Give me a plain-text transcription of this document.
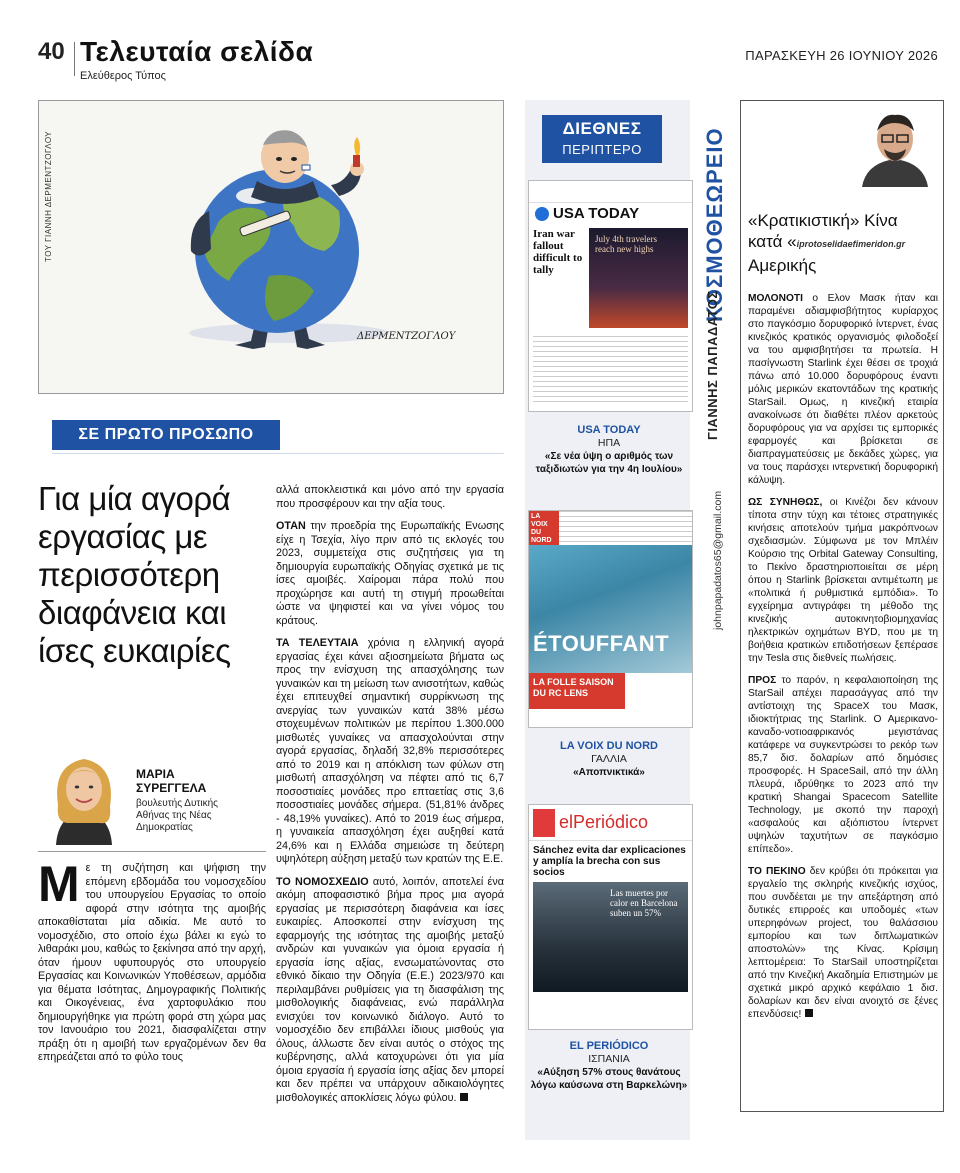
40 Τελευταία σελίδα
Ελεύθερος Τύπος
ΠΑΡΑΣΚΕΥΗ 26 ΙΟΥΝΙΟΥ 2026
ΔΕΡΜΕΝΤΖΟΓΛΟΥ
ΤΟΥ ΓΙΑΝΝΗ ΔΕΡΜΕΝΤΖΟΓΛΟΥ
ΣΕ ΠΡΩΤΟ ΠΡΟΣΩΠΟ
Για μία αγορά
εργασίας με
περισσότερη
διαφάνεια και
ίσες ευκαιρίες
ΜΑΡΙΑ
ΣΥΡΕΓΓΕΛΑ
βουλευτής Δυτικής Αθήνας της Νέας Δημοκρατίας
Με τη συζήτηση και ψήφιση την επόμενη εβδομάδα του νομοσχεδίου του υπουργείου Εργασίας το οποίο αφορά στην ισότητα της αμοιβής αποκαθίσταται μία αδικία. Με αυτό το νομοσχέδιο, στο οποίο έχω βάλει κι εγώ το λιθαράκι μου, καθώς το ξεκίνησα από την αρχή, όταν ήμουν υφυπουργός στο υπουργείο Εργασίας και Κοινωνικών Υποθέσεων, αρμόδια για θέματα Ισότητας, Δημογραφικής Πολιτικής και Οικογένειας, ένα χαρτοφυλάκιο που δημιουργήθηκε για πρώτη φορά στη χώρα μας τον Ιανουάριο του 2021, διασφαλίζεται στην πράξη ότι η αμοιβή των εργαζομένων δεν θα επηρεάζεται από το φύλο τους

αλλά αποκλειστικά και μόνο από την εργασία που προσφέρουν και την αξία τους.

ΟΤΑΝ την προεδρία της Ευρωπαϊκής Ενωσης είχε η Τσεχία, λίγο πριν από τις εκλογές του 2023, συμμετείχα στις συζητήσεις για τη δημιουργία ευρωπαϊκής Οδηγίας σχετικά με τις ίσες αμοιβές. Χαίρομαι πάρα πολύ που προχώρησε και αυτή τη στιγμή προωθείται ώστε να ψηφιστεί και να γίνει νόμος του κράτους.

ΤΑ ΤΕΛΕΥΤΑΙΑ χρόνια η ελληνική αγορά εργασίας έχει κάνει αξιοσημείωτα βήματα ως προς την ενίσχυση της απασχόλησης των γυναικών και τη μείωση των ανισοτήτων, καθώς έχει επιτευχθεί σημαντική συρρίκνωση της ανεργίας των γυναικών κατά 38% μέσω στοχευμένων πολιτικών με περίπου 1.300.000 μισθωτές γυναίκες να απασχολούνται στην αγορά εργασίας, δηλαδή 32,8% περισσότερες από το 2019 και η απόκλιση των φύλων στη μισθωτή απασχόληση να πέφτει από τις 6,7 ποσοστιαίες μονάδες προ επταετίας στις 3,6 ποσοστιαίες μονάδες σήμερα. (51,81% άνδρες - 48,19% γυναίκες). Από το 2019 έως σήμερα, η γυναικεία απασχόληση έχει αυξηθεί κατά 24,6% και η Ελλάδα σημειώσε τη δεύτερη υψηλότερη αύξηση μεταξύ των κρατών της Ε.Ε.

ΤΟ ΝΟΜΟΣΧΕΔΙΟ αυτό, λοιπόν, αποτελεί ένα ακόμη αποφασιστικό βήμα προς μια αγορά εργασίας με περισσότερη διαφάνεια και ίσες ευκαιρίες. Αποσκοπεί στην ενίσχυση της εφαρμογής της ισότητας της αμοιβής μεταξύ ανδρών και γυναικών για όμοια εργασία ή εργασία ίσης αξίας, ενσωματώνοντας στο εθνικό δίκαιο την Οδηγία (Ε.Ε.) 2023/970 και περιλαμβάνει ρυθμίσεις για τη διασφάλιση της μισθολογικής διαφάνειας, ενώ παράλληλα ενισχύει τον κοινωνικό διάλογο. Αυτό το νομοσχέδιο δεν επιβάλλει ίδιους μισθούς για όλους, άλλωστε δεν είναι αυτός ο στόχος της κυβέρνησης, αλλά κατοχυρώνει ότι για μία όμοια εργασία ή εργασία ίσης αξίας δεν μπορεί και δεν πρέπει να υπάρχουν αδικαιολόγητες μισθολογικές αποκλίσεις λόγω φύλου.

ΔΙΕΘΝΕΣ
ΠΕΡΙΠΤΕΡΟ
USA TODAY
Iran war fallout difficult to tally
July 4th travelers reach new highs
USA TODAY
ΗΠΑ
«Σε νέα ύψη ο αριθμός των ταξιδιωτών για την 4η Ιουλίου»
LA VOIX DU NORD
ÉTOUFFANT
LA FOLLE SAISON DU RC LENS
LA VOIX DU NORD
ΓΑΛΛΙΑ
«Αποπνικτικά»
elPeriódico
Sánchez evita dar explicaciones y amplía la brecha con sus socios
Las muertes por calor en Barcelona suben un 57%
EL PERIÓDICO
ΙΣΠΑΝΙΑ
«Αύξηση 57% στους θανάτους λόγω καύσωνα στη Βαρκελώνη»
ΚΟΣΜΟΘΕΩΡΕΙΟ
ΓΙΑΝΝΗΣ ΠΑΠΑΔΑΤΟΣ
johnpapadatos65@gmail.com
«Κρατικιστική» Κίνα
κατά «iprotoselidaefimeridon.gr
Αμερικής

ΜΟΛΟΝΟΤΙ ο Ελον Μασκ ήταν και παραμένει αδιαμφισβήτητος κυρίαρχος στο παγκόσμιο δορυφορικό ίντερνετ, ένας κινεζικός κρατικός οργανισμός φιλοδοξεί να του αμφισβητήσει τα πρωτεία. Η πασίγνωστη Starlink έχει θέσει σε τροχιά πάνω από 10.000 δορυφόρους έναντι μόλις μερικών εκατοντάδων της κρατικής StarSail. Ομως, η κινεζική εταιρία ανακοίνωσε ότι διαθέτει πλέον αρκετούς δορυφόρους για να αρχίσει τις εμπορικές εφαρμογές και βρίσκεται σε διαπραγματεύσεις με δεκάδες χώρες, για να τους παράσχει ιντερνετική δορυφορική κάλυψη.

ΩΣ ΣΥΝΗΘΩΣ, οι Κινέζοι δεν κάνουν τίποτα στην τύχη και τέτοιες στρατηγικές κινήσεις αποτελούν τμήμα μακρόπνοων σχεδιασμών. Σύμφωνα με τον Μπλέιν Κούρσιο της Orbital Gateway Consulting, το Πεκίνο δραστηριοποιείται σε μέρη όπου η Starlink βρίσκεται αντιμέτωπη με «πολιτικά ή ρυθμιστικά εμπόδια». Το εγχείρημα αντιγράφει τη μέθοδο της κινεζικής αυτοκινητοβιομηχανίας ηλεκτρικών οχημάτων BYD, που με τη βοήθεια κρατικών επιδοτήσεων ξεπέρασε την Tesla στις διεθνείς πωλήσεις.

ΠΡΟΣ το παρόν, η κεφαλαιοποίηση της StarSail απέχει παρασάγγας από την αντίστοιχη της SpaceX του Μασκ, ιδιοκτήτριας της Starlink. Ο Αμερικανο-καναδο-νοτιοαφρικανός μεγιστάνας κατάφερε να συγκεντρώσει το ρεκόρ των 85,7 δισ. δολαρίων από δημόσιες προσφορές. Η SpaceSail, από την άλλη πλευρά, ιδρύθηκε το 2023 από την κρατική Shangai Spacecom Satellite Technology, με σκοπό την παροχή «ασφαλούς και αξιόπιστου ίντερνετ υψηλών ταχυτήτων σε παγκόσμιο επίπεδο».

ΤΟ ΠΕΚΙΝΟ δεν κρύβει ότι πρόκειται για εργαλείο της σκληρής κινεζικής ισχύος, που συνδέεται με την απεξάρτηση από δυτικές επιρροές και υποδομές «των υπερηφόνων project, του θαλάσσιου εμπορίου και των διπλωματικών αποστολών» της Κίνας. Κρίσιμη λεπτομέρεια: Το StarSail υποστηρίζεται από την Κινεζική Ακαδημία Επιστημών με σχετικά μικρό αρχικό κεφάλαιο 1 δισ. δολαρίων και δεν είναι ανοιχτό σε ξένες επενδύσεις!
